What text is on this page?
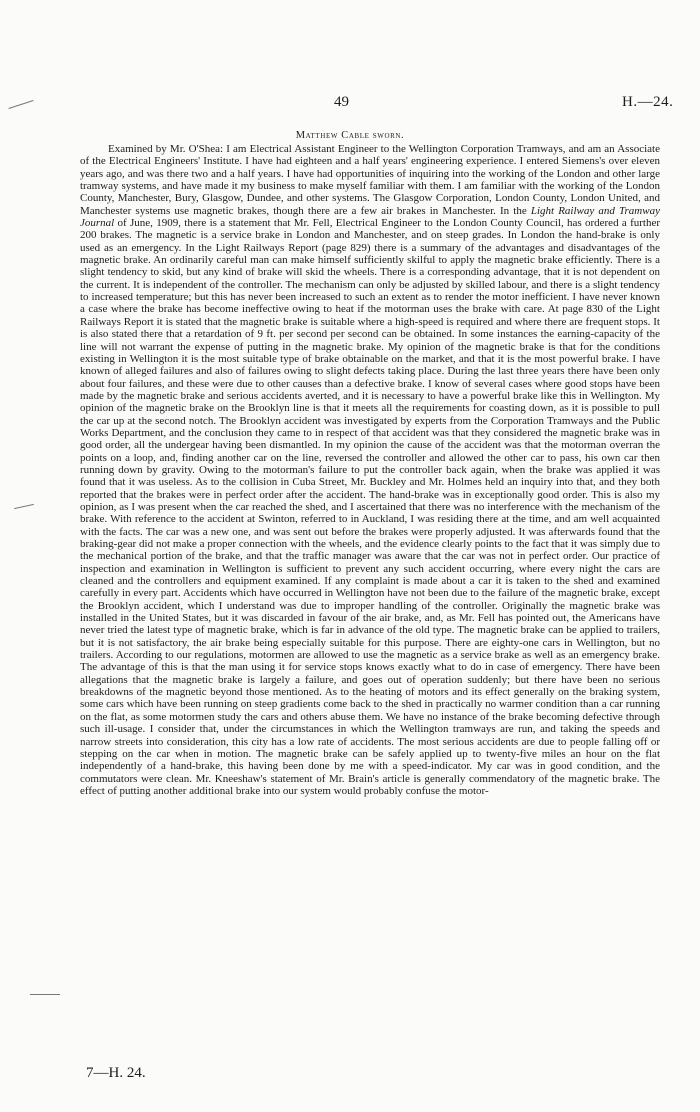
49	H.—24.
Matthew Cable sworn.

Examined by Mr. O'Shea: I am Electrical Assistant Engineer to the Wellington Corporation Tramways, and am an Associate of the Electrical Engineers' Institute. I have had eighteen and a half years' engineering experience. I entered Siemens's over eleven years ago, and was there two and a half years. I have had opportunities of inquiring into the working of the London and other large tramway systems, and have made it my business to make myself familiar with them. I am familiar with the working of the London County, Manchester, Bury, Glasgow, Dundee, and other systems. The Glasgow Corporation, London County, London United, and Manchester systems use magnetic brakes, though there are a few air brakes in Manchester. In the Light Railway and Tramway Journal of June, 1909, there is a statement that Mr. Fell, Electrical Engineer to the London County Council, has ordered a further 200 brakes. The magnetic is a service brake in London and Manchester, and on steep grades. In London the hand-brake is only used as an emergency. In the Light Railways Report (page 829) there is a summary of the advantages and disadvantages of the magnetic brake. An ordinarily careful man can make himself sufficiently skilful to apply the magnetic brake efficiently. There is a slight tendency to skid, but any kind of brake will skid the wheels. There is a corresponding advantage, that it is not dependent on the current. It is independent of the controller. The mechanism can only be adjusted by skilled labour, and there is a slight tendency to increased temperature; but this has never been increased to such an extent as to render the motor inefficient. I have never known a case where the brake has become ineffective owing to heat if the motorman uses the brake with care. At page 830 of the Light Railways Report it is stated that the magnetic brake is suitable where a high-speed is required and where there are frequent stops. It is also stated there that a retardation of 9 ft. per second per second can be obtained. In some instances the earning-capacity of the line will not warrant the expense of putting in the magnetic brake. My opinion of the magnetic brake is that for the conditions existing in Wellington it is the most suitable type of brake obtainable on the market, and that it is the most powerful brake. I have known of alleged failures and also of failures owing to slight defects taking place. During the last three years there have been only about four failures, and these were due to other causes than a defective brake. I know of several cases where good stops have been made by the magnetic brake and serious accidents averted, and it is necessary to have a powerful brake like this in Wellington. My opinion of the magnetic brake on the Brooklyn line is that it meets all the requirements for coasting down, as it is possible to pull the car up at the second notch. The Brooklyn accident was investigated by experts from the Corporation Tramways and the Public Works Department, and the conclusion they came to in respect of that accident was that they considered the magnetic brake was in good order, all the undergear having been dismantled. In my opinion the cause of the accident was that the motorman overran the points on a loop, and, finding another car on the line, reversed the controller and allowed the other car to pass, his own car then running down by gravity. Owing to the motorman's failure to put the controller back again, when the brake was applied it was found that it was useless. As to the collision in Cuba Street, Mr. Buckley and Mr. Holmes held an inquiry into that, and they both reported that the brakes were in perfect order after the accident. The hand-brake was in exceptionally good order. This is also my opinion, as I was present when the car reached the shed, and I ascertained that there was no interference with the mechanism of the brake. With reference to the accident at Swinton, referred to in Auckland, I was residing there at the time, and am well acquainted with the facts. The car was a new one, and was sent out before the brakes were properly adjusted. It was afterwards found that the braking-gear did not make a proper connection with the wheels, and the evidence clearly points to the fact that it was simply due to the mechanical portion of the brake, and that the traffic manager was aware that the car was not in perfect order. Our practice of inspection and examination in Wellington is sufficient to prevent any such accident occurring, where every night the cars are cleaned and the controllers and equipment examined. If any complaint is made about a car it is taken to the shed and examined carefully in every part. Accidents which have occurred in Wellington have not been due to the failure of the magnetic brake, except the Brooklyn accident, which I understand was due to improper handling of the controller. Originally the magnetic brake was installed in the United States, but it was discarded in favour of the air brake, and, as Mr. Fell has pointed out, the Americans have never tried the latest type of magnetic brake, which is far in advance of the old type. The magnetic brake can be applied to trailers, but it is not satisfactory, the air brake being especially suitable for this purpose. There are eighty-one cars in Wellington, but no trailers. According to our regulations, motormen are allowed to use the magnetic as a service brake as well as an emergency brake. The advantage of this is that the man using it for service stops knows exactly what to do in case of emergency. There have been allegations that the magnetic brake is largely a failure, and goes out of operation suddenly; but there have been no serious breakdowns of the magnetic beyond those mentioned. As to the heating of motors and its effect generally on the braking system, some cars which have been running on steep gradients come back to the shed in practically no warmer condition than a car running on the flat, as some motormen study the cars and others abuse them. We have no instance of the brake becoming defective through such ill-usage. I consider that, under the circumstances in which the Wellington tramways are run, and taking the speeds and narrow streets into consideration, this city has a low rate of accidents. The most serious accidents are due to people falling off or stepping on the car when in motion. The magnetic brake can be safely applied up to twenty-five miles an hour on the flat independently of a hand-brake, this having been done by me with a speed-indicator. My car was in good condition, and the commutators were clean. Mr. Kneeshaw's statement of Mr. Brain's article is generally commendatory of the magnetic brake. The effect of putting another additional brake into our system would probably confuse the motor-

7—H. 24.
